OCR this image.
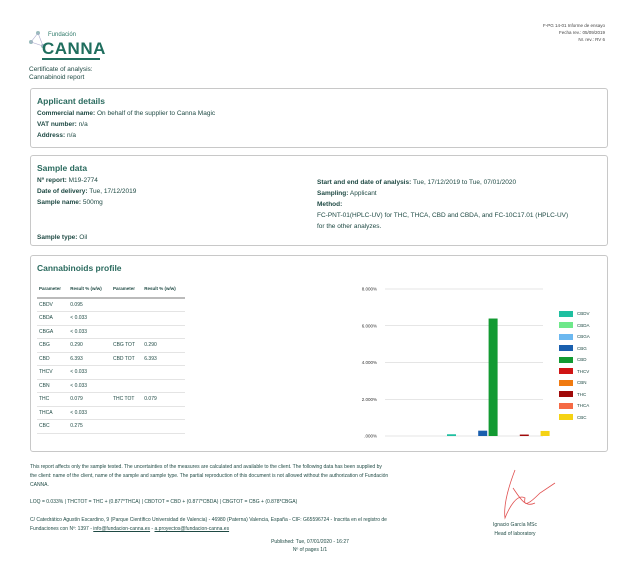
Fundación
CANNA
F-PG 14-01 Informe de ensayo
Fecha rev.: 05/09/2019
Nr. rev.: RV 6
Certificate of analysis:
Cannabinoid report
Applicant details
Commercial name: On behalf of the supplier to Canna Magic
VAT number: n/a
Address: n/a
Sample data
Nº report: M19-2774
Date of delivery: Tue, 17/12/2019
Sample name: 500mg
Sample type: Oil
Start and end date of analysis: Tue, 17/12/2019 to Tue, 07/01/2020
Sampling: Applicant
Method:
FC-PNT-01(HPLC-UV) for THC, THCA, CBD and CBDA, and FC-10C17.01 (HPLC-UV)
for the other analyzes.
Cannabinoids profile
Parameter	Result % (w/w)	Parameter	Result % (w/w)
CBDV	0.095		
CBDA	< 0.033		
CBGA	< 0.033		
CBG	0.290	CBG TOT	0.290
CBD	6.393	CBD TOT	6.393
THCV	< 0.033		
CBN	< 0.033		
THC	0.079	THC TOT	0.079
THCA	< 0.033		
CBC	0.275		
.000%
2.000%
4.000%
6.000%
8.000%
CBDV
CBDA
CBGA
CBG
CBD
THCV
CBN
THC
THCA
CBC
This report affects only the sample tested. The uncertainties of the measures are calculated and available to the client. The following data has been supplied by
the client: name of the client, name of the sample and sample type. The partial reproduction of this document is not allowed without the authorization of Fundación
CANNA.
LOQ = 0.033% | THCTOT = THC + (0.877*THCA) | CBDTOT = CBD + (0.877*CBDA) | CBGTOT = CBG + (0.878*CBGA)
C/ Catedrático Agustín Escardino, 9 (Parque Científico Universidad de Valencia) - 46980 (Paterna) Valencia, España - CIF: G65596724 - Inscrita en el registro de
Fundaciones con Nº: 1397 - info@fundacion-canna.es - a.proyectos@fundacion-canna.es
Published: Tue, 07/01/2020 - 16:27
Nº of pages 1/1
Ignacio García MSc
Head of laboratory
